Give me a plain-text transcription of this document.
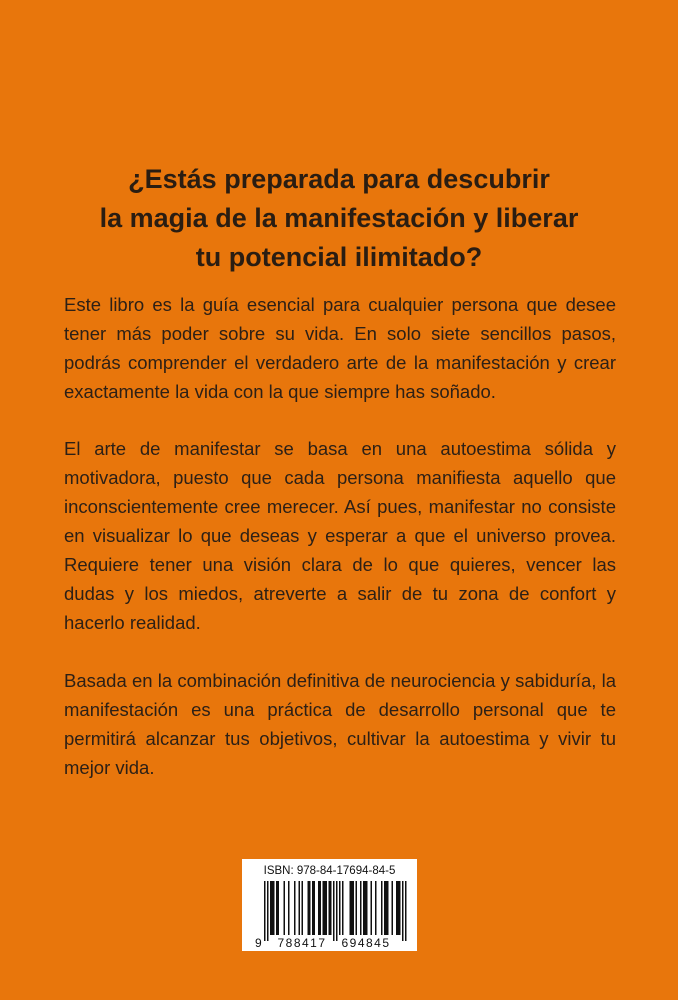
¿Estás preparada para descubrir
la magia de la manifestación y liberar
tu potencial ilimitado?

Este libro es la guía esencial para cualquier persona que desee tener más poder sobre su vida. En solo siete sencillos pasos, podrás comprender el verdadero arte de la manifestación y crear exactamente la vida con la que siempre has soñado.

El arte de manifestar se basa en una autoestima sólida y motivadora, puesto que cada persona manifiesta aquello que inconscientemente cree merecer. Así pues, manifestar no consiste en visualizar lo que deseas y esperar a que el universo provea. Requiere tener una visión clara de lo que quieres, vencer las dudas y los miedos, atreverte a salir de tu zona de confort y hacerlo realidad.

Basada en la combinación definitiva de neurociencia y sabiduría, la manifestación es una práctica de desarrollo personal que te permitirá alcanzar tus objetivos, cultivar la autoestima y vivir tu mejor vida.

ISBN: 978-84-17694-84-5
9 788417 694845
